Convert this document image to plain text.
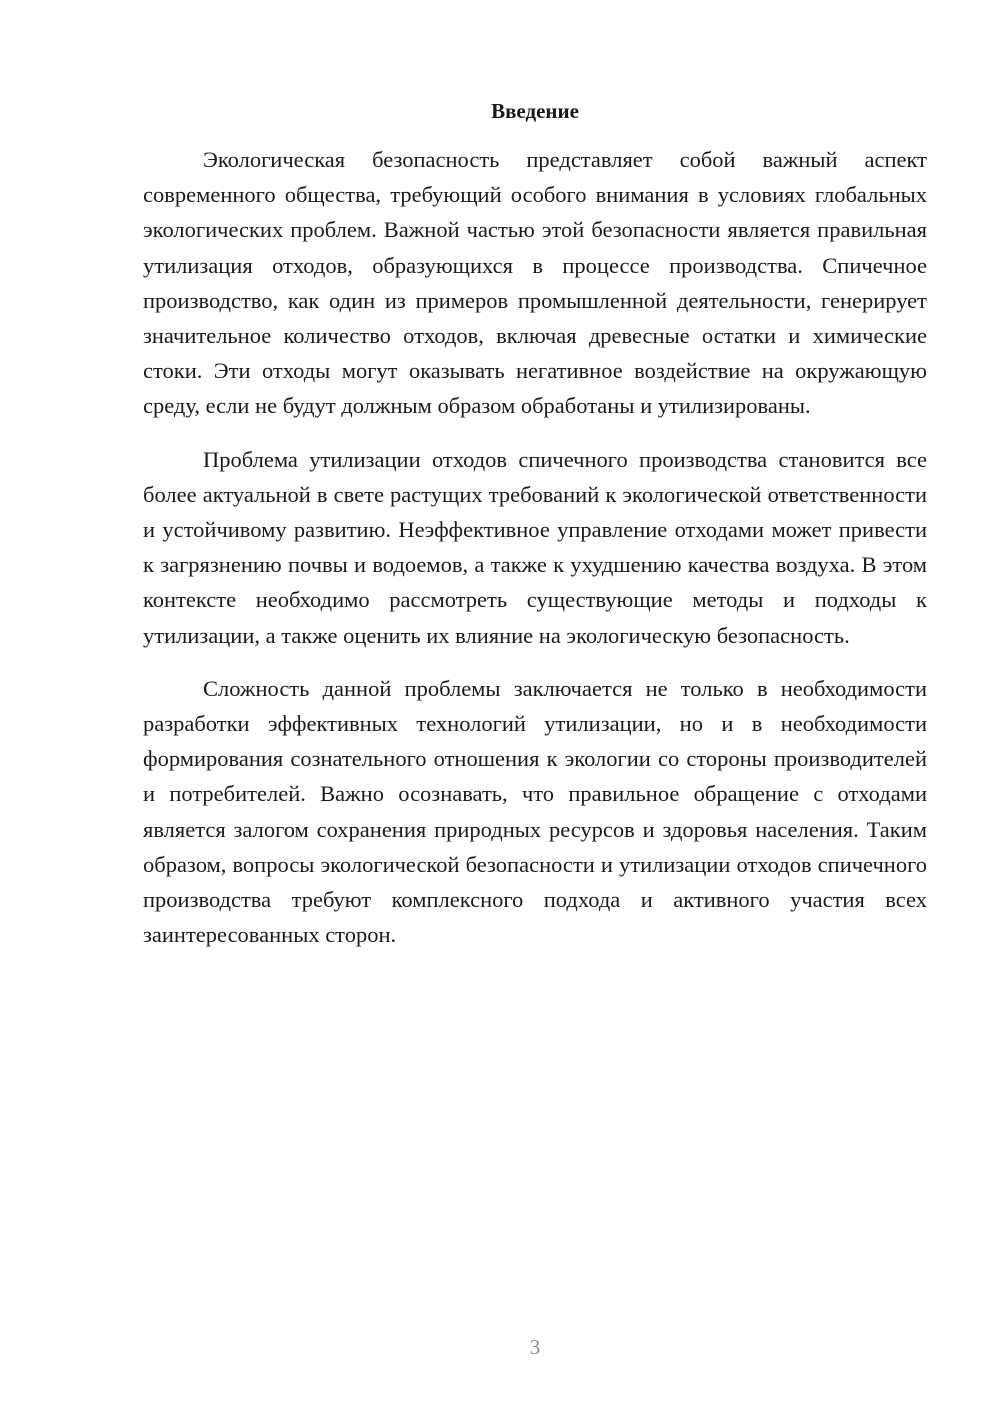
Введение

Экологическая безопасность представляет собой важный аспект современного общества, требующий особого внимания в условиях глобальных экологических проблем. Важной частью этой безопасности является правильная утилизация отходов, образующихся в процессе производства. Спичечное производство, как один из примеров промышленной деятельности, генерирует значительное количество отходов, включая древесные остатки и химические стоки. Эти отходы могут оказывать негативное воздействие на окружающую среду, если не будут должным образом обработаны и утилизированы.

Проблема утилизации отходов спичечного производства становится все более актуальной в свете растущих требований к экологической ответственности и устойчивому развитию. Неэффективное управление отходами может привести к загрязнению почвы и водоемов, а также к ухудшению качества воздуха. В этом контексте необходимо рассмотреть существующие методы и подходы к утилизации, а также оценить их влияние на экологическую безопасность.

Сложность данной проблемы заключается не только в необходимости разработки эффективных технологий утилизации, но и в необходимости формирования сознательного отношения к экологии со стороны производителей и потребителей. Важно осознавать, что правильное обращение с отходами является залогом сохранения природных ресурсов и здоровья населения. Таким образом, вопросы экологической безопасности и утилизации отходов спичечного производства требуют комплексного подхода и активного участия всех заинтересованных сторон.

3
